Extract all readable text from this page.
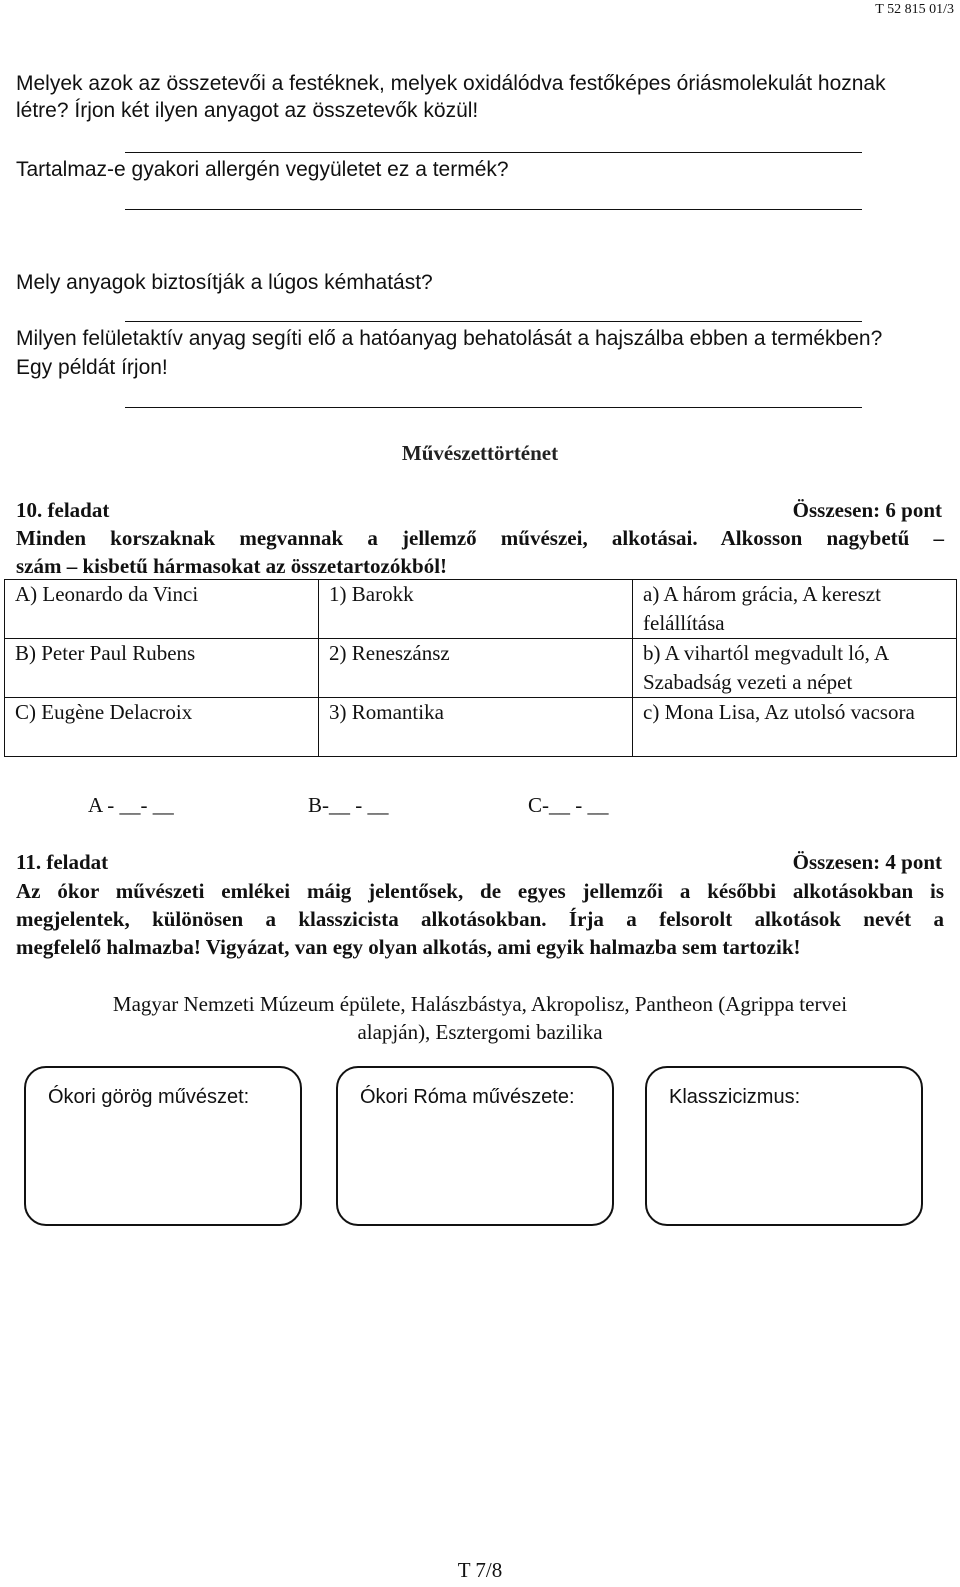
T 52 815 01/3
Melyek azok az összetevői a festéknek, melyek oxidálódva festőképes óriásmolekulát hoznak
létre? Írjon két ilyen anyagot az összetevők közül!
Tartalmaz-e gyakori allergén vegyületet ez a termék?
Mely anyagok biztosítják a lúgos kémhatást?
Milyen felületaktív anyag segíti elő a hatóanyag behatolását a hajszálba ebben a termékben?
Egy példát írjon!
Művészettörténet
10. feladat	Összesen: 6 pont
Minden korszaknak megvannak a jellemző művészei, alkotásai. Alkosson nagybetű –
szám – kisbetű hármasokat az összetartozókból!
A) Leonardo da Vinci	1) Barokk	a) A három grácia, A kereszt felállítása
B) Peter Paul Rubens	2) Reneszánsz	b) A vihartól megvadult ló, A Szabadság vezeti a népet
C) Eugène Delacroix	3) Romantika	c) Mona Lisa, Az utolsó vacsora
A - __- __	B-__ - __	C-__ - __
11. feladat	Összesen: 4 pont
Az ókor művészeti emlékei máig jelentősek, de egyes jellemzői a későbbi alkotásokban is
megjelentek, különösen a klasszicista alkotásokban. Írja a felsorolt alkotások nevét a
megfelelő halmazba! Vigyázat, van egy olyan alkotás, ami egyik halmazba sem tartozik!
Magyar Nemzeti Múzeum épülete, Halászbástya, Akropolisz, Pantheon (Agrippa tervei
alapján), Esztergomi bazilika
Ókori görög művészet:	Ókori Róma művészete:	Klasszicizmus:
T 7/8
